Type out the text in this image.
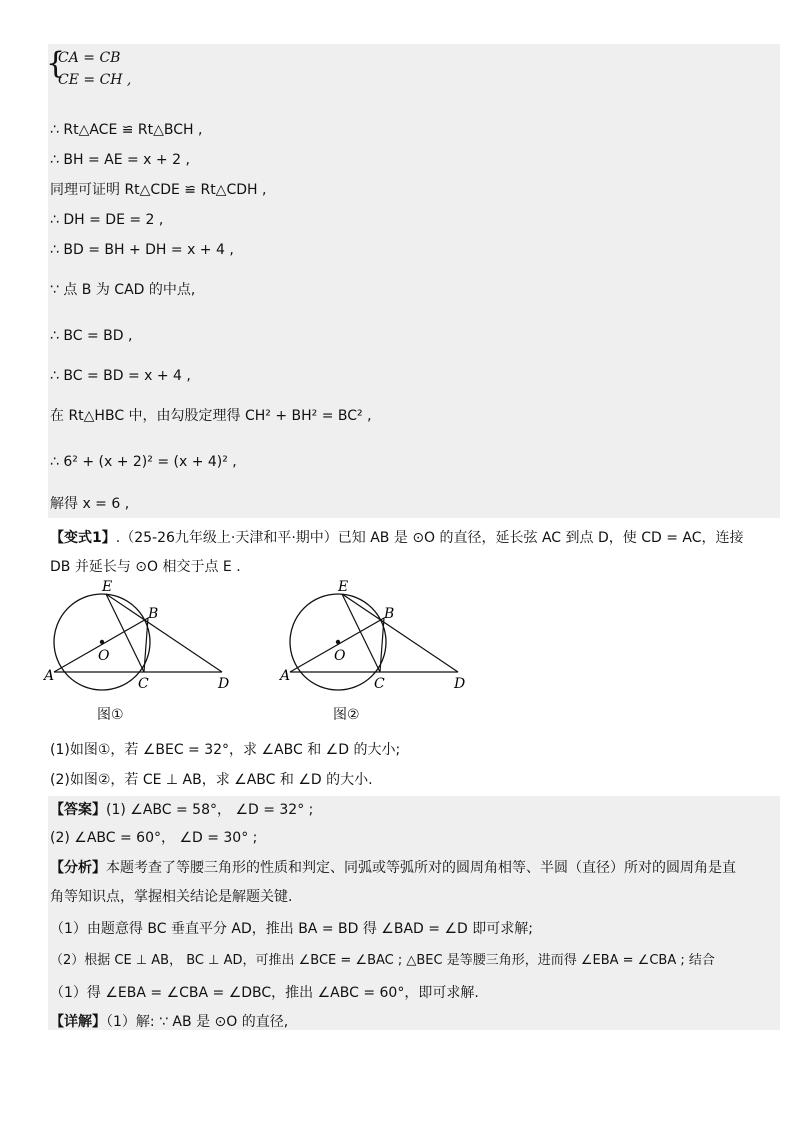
{
CA = CB
CE = CH ,
∴ Rt△ACE ≌ Rt△BCH ,
∴ BH = AE = x + 2 ,
同理可证明 Rt△CDE ≌ Rt△CDH ,
∴ DH = DE = 2 ,
∴ BD = BH + DH = x + 4 ,
∵ 点 B 为 CAD 的中点,
∴ BC = BD ,
∴ BC = BD = x + 4 ,
在 Rt△HBC 中，由勾股定理得 CH² + BH² = BC² ,
∴ 6² + (x + 2)² = (x + 4)² ,
解得 x = 6 ,
【变式1】.（25-26九年级上·天津和平·期中）已知 AB 是 ⊙O 的直径，延长弦 AC 到点 D，使 CD = AC，连接
DB 并延长与 ⊙O 相交于点 E .
E
B
O
A	C	D
图①
E
B
O
A	C	D
图②
(1)如图①，若 ∠BEC = 32°，求 ∠ABC 和 ∠D 的大小;
(2)如图②，若 CE ⊥ AB，求 ∠ABC 和 ∠D 的大小.
【答案】(1) ∠ABC = 58°， ∠D = 32° ;
(2) ∠ABC = 60°， ∠D = 30° ;
【分析】本题考查了等腰三角形的性质和判定、同弧或等弧所对的圆周角相等、半圆（直径）所对的圆周角是直
角等知识点，掌握相关结论是解题关键.
（1）由题意得 BC 垂直平分 AD，推出 BA = BD 得 ∠BAD = ∠D 即可求解;
（2）根据 CE ⊥ AB， BC ⊥ AD，可推出 ∠BCE = ∠BAC ; △BEC 是等腰三角形，进而得 ∠EBA = ∠CBA ; 结合
（1）得 ∠EBA = ∠CBA = ∠DBC，推出 ∠ABC = 60°，即可求解.
【详解】（1）解: ∵ AB 是 ⊙O 的直径,
